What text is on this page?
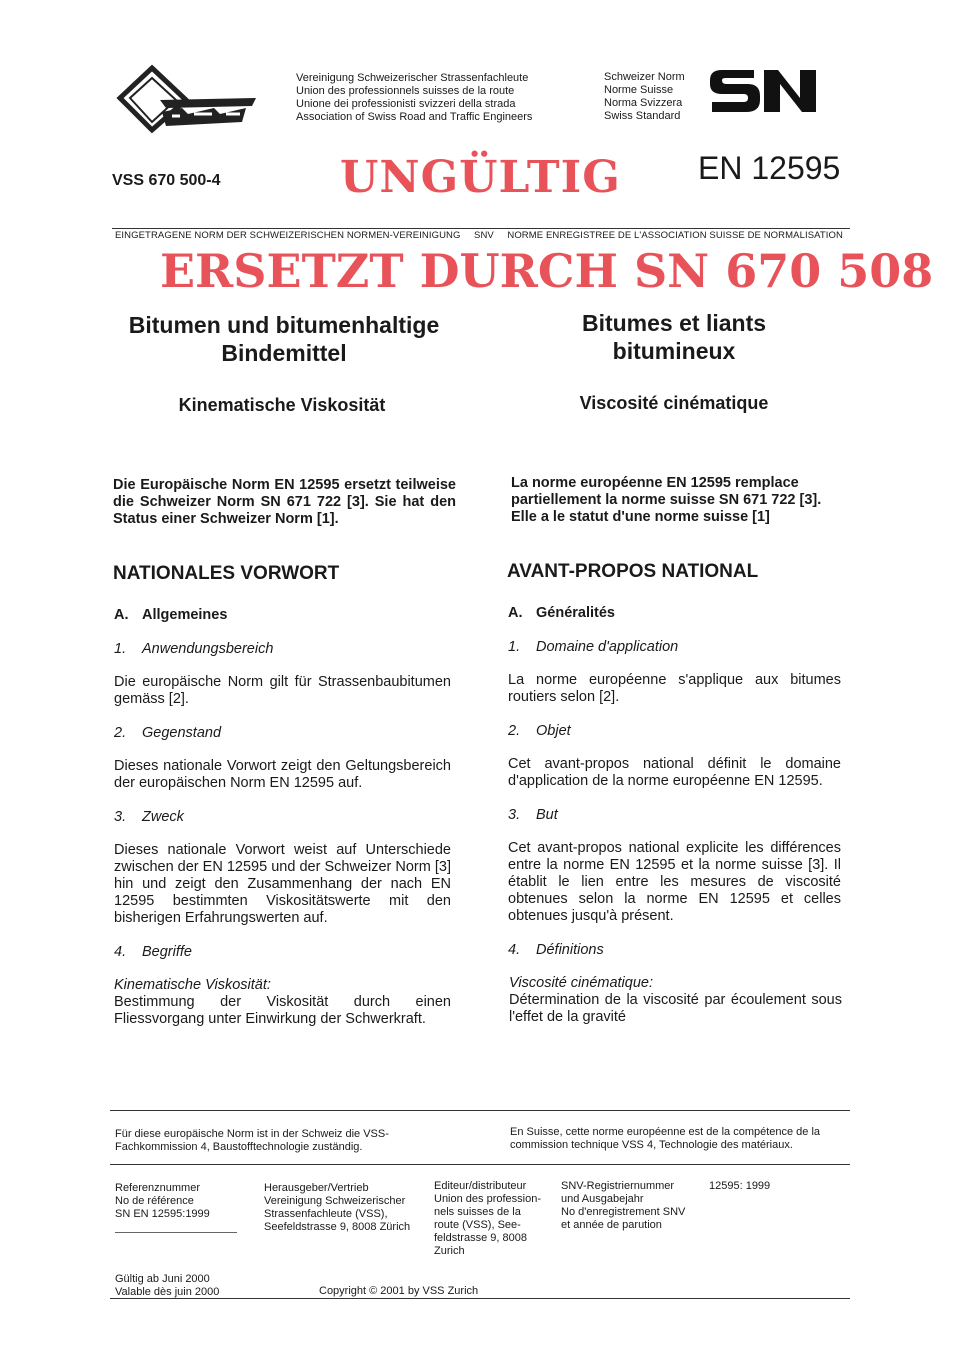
Vereinigung Schweizerischer Strassenfachleute
Union des professionnels suisses de la route
Unione dei professionisti svizzeri della strada
Association of Swiss Road and Traffic Engineers
Schweizer Norm
Norme Suisse
Norma Svizzera
Swiss Standard
VSS 670 500-4	UNGÜLTIG EN 12595
EINGETRAGENE NORM DER SCHWEIZERISCHEN NORMEN-VEREINIGUNG SNV NORME ENREGISTREE DE L'ASSOCIATION SUISSE DE NORMALISATION
ERSETZT DURCH SN 670 508
Bitumen und bitumenhaltige
Bindemittel
Bitumes et liants
bitumineux
Kinematische Viskosität	Viscosité cinématique
Die Europäische Norm EN 12595 ersetzt teilweise die Schweizer Norm SN 671 722 [3]. Sie hat den Status einer Schweizer Norm [1].
La norme européenne EN 12595 remplace partiellement la norme suisse SN 671 722 [3]. Elle a le statut d'une norme suisse [1]
NATIONALES VORWORT
A. Allgemeines
1. Anwendungsbereich
Die europäische Norm gilt für Strassenbaubitumen gemäss [2].
2. Gegenstand
Dieses nationale Vorwort zeigt den Geltungsbereich der europäischen Norm EN 12595 auf.
3. Zweck
Dieses nationale Vorwort weist auf Unterschiede zwischen der EN 12595 und der Schweizer Norm [3] hin und zeigt den Zusammenhang der nach EN 12595 bestimmten Viskositätswerte mit den bisherigen Erfahrungswerten auf.
4. Begriffe
Kinematische Viskosität:
Bestimmung der Viskosität durch einen Fliessvorgang unter Einwirkung der Schwerkraft.
AVANT-PROPOS NATIONAL
A. Généralités
1. Domaine d'application
La norme européenne s'applique aux bitumes routiers selon [2].
2. Objet
Cet avant-propos national définit le domaine d'application de la norme européenne EN 12595.
3. But
Cet avant-propos national explicite les différences entre la norme EN 12595 et la norme suisse [3]. Il établit le lien entre les mesures de viscosité obtenues selon la norme EN 12595 et celles obtenues jusqu'à présent.
4. Définitions
Viscosité cinématique:
Détermination de la viscosité par écoulement sous l'effet de la gravité
Für diese europäische Norm ist in der Schweiz die VSS-Fachkommission 4, Baustofftechnologie zuständig.
En Suisse, cette norme européenne est de la compétence de la commission technique VSS 4, Technologie des matériaux.
Referenznummer
No de référence
SN EN 12595:1999
Herausgeber/Vertrieb
Vereinigung Schweizerischer
Strassenfachleute (VSS),
Seefeldstrasse 9, 8008 Zürich
Editeur/distributeur
Union des profession-
nels suisses de la
route (VSS), See-
feldstrasse 9, 8008
Zurich
SNV-Registriernummer
und Ausgabejahr
No d'enregistrement SNV
et année de parution
12595: 1999
Gültig ab Juni 2000
Valable dès juin 2000	Copyright © 2001 by VSS Zurich
